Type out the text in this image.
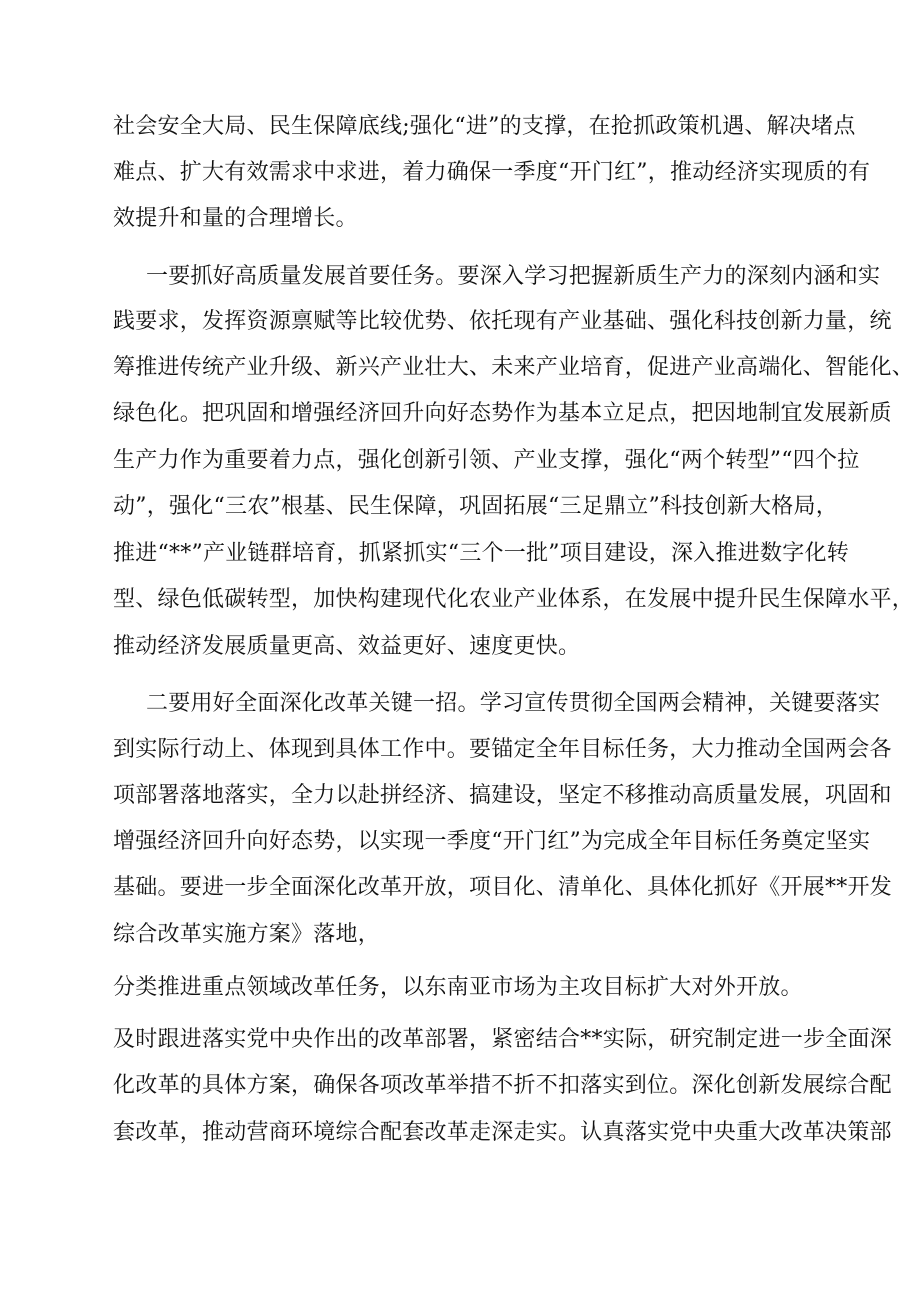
社会安全大局、民生保障底线;强化“进”的支撑，在抢抓政策机遇、解决堵点
难点、扩大有效需求中求进，着力确保一季度“开门红”，推动经济实现质的有
效提升和量的合理增长。
一要抓好高质量发展首要任务。要深入学习把握新质生产力的深刻内涵和实
践要求，发挥资源禀赋等比较优势、依托现有产业基础、强化科技创新力量，统
筹推进传统产业升级、新兴产业壮大、未来产业培育，促进产业高端化、智能化、
绿色化。把巩固和增强经济回升向好态势作为基本立足点，把因地制宜发展新质
生产力作为重要着力点，强化创新引领、产业支撑，强化“两个转型”“四个拉
动”，强化“三农”根基、民生保障，巩固拓展“三足鼎立”科技创新大格局，
推进“**”产业链群培育，抓紧抓实“三个一批”项目建设，深入推进数字化转
型、绿色低碳转型，加快构建现代化农业产业体系，在发展中提升民生保障水平，
推动经济发展质量更高、效益更好、速度更快。
二要用好全面深化改革关键一招。学习宣传贯彻全国两会精神，关键要落实
到实际行动上、体现到具体工作中。要锚定全年目标任务，大力推动全国两会各
项部署落地落实，全力以赴拼经济、搞建设，坚定不移推动高质量发展，巩固和
增强经济回升向好态势，以实现一季度“开门红”为完成全年目标任务奠定坚实
基础。要进一步全面深化改革开放，项目化、清单化、具体化抓好《开展**开发
综合改革实施方案》落地，
分类推进重点领域改革任务，以东南亚市场为主攻目标扩大对外开放。
及时跟进落实党中央作出的改革部署，紧密结合**实际，研究制定进一步全面深
化改革的具体方案，确保各项改革举措不折不扣落实到位。深化创新发展综合配
套改革，推动营商环境综合配套改革走深走实。认真落实党中央重大改革决策部
